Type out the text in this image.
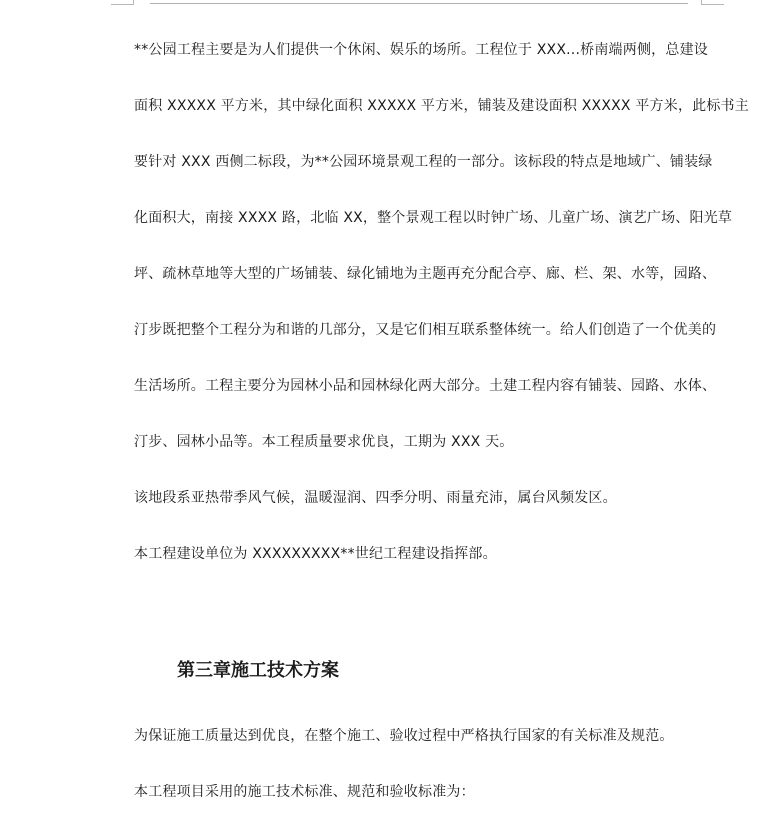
**公园工程主要是为人们提供一个休闲、娱乐的场所。工程位于 XXX...桥南端两侧，总建设

面积 XXXXX 平方米，其中绿化面积 XXXXX 平方米，铺装及建设面积 XXXXX 平方米，此标书主

要针对 XXX 西侧二标段，为**公园环境景观工程的一部分。该标段的特点是地域广、铺装绿

化面积大，南接 XXXX 路，北临 XX，整个景观工程以时钟广场、儿童广场、演艺广场、阳光草

坪、疏林草地等大型的广场铺装、绿化铺地为主题再充分配合亭、廊、栏、架、水等，园路、

汀步既把整个工程分为和谐的几部分，又是它们相互联系整体统一。给人们创造了一个优美的

生活场所。工程主要分为园林小品和园林绿化两大部分。土建工程内容有铺装、园路、水体、

汀步、园林小品等。本工程质量要求优良，工期为 XXX 天。

该地段系亚热带季风气候，温暖湿润、四季分明、雨量充沛，属台风频发区。

本工程建设单位为 XXXXXXXXX**世纪工程建设指挥部。

第三章施工技术方案

为保证施工质量达到优良，在整个施工、验收过程中严格执行国家的有关标准及规范。

本工程项目采用的施工技术标准、规范和验收标准为：
